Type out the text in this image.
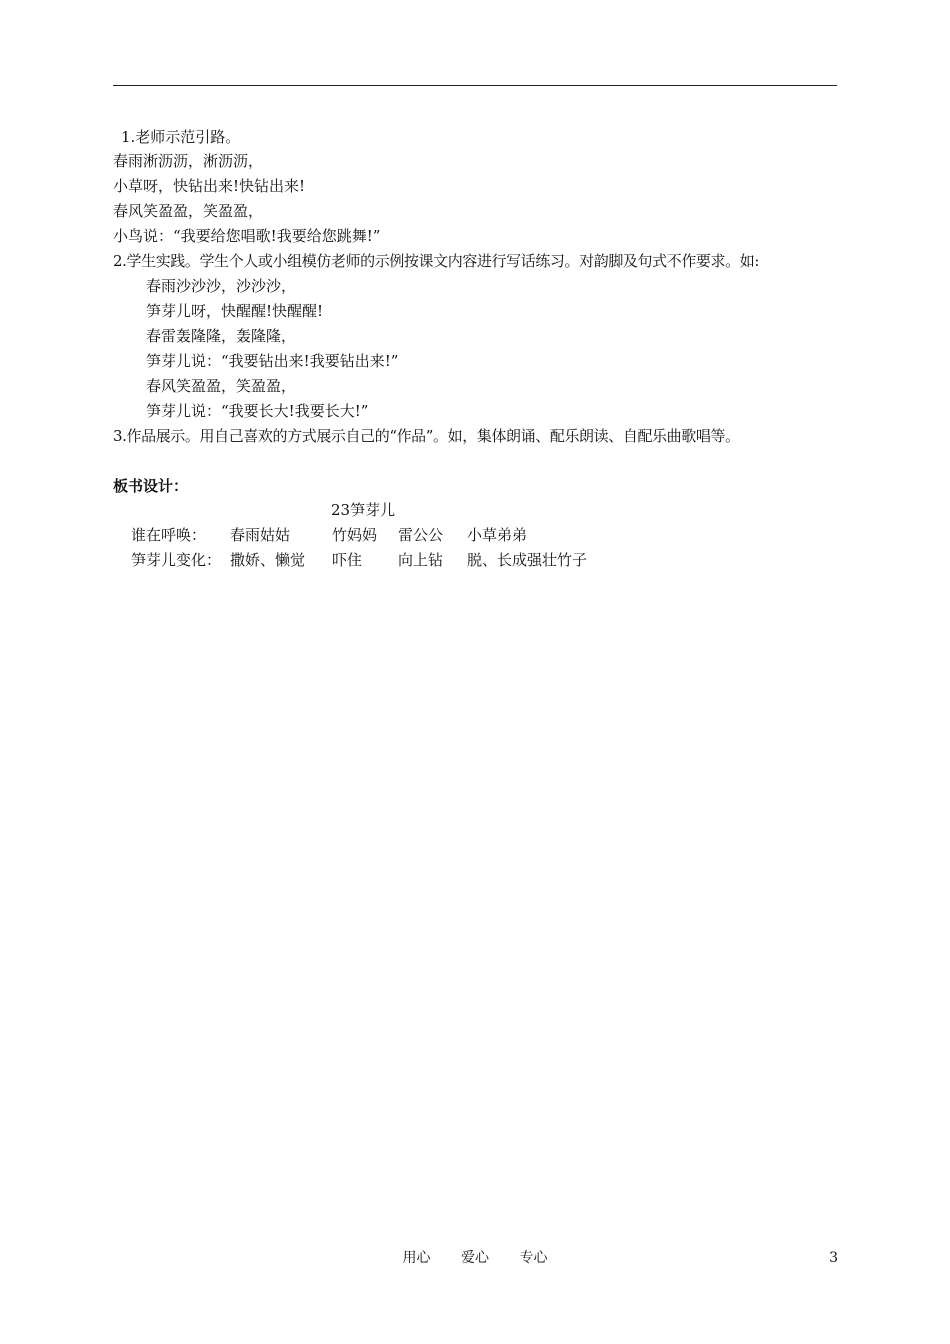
1.老师示范引路。
春雨淅沥沥，淅沥沥，
小草呀，快钻出来!快钻出来!
春风笑盈盈，笑盈盈，
小鸟说：“我要给您唱歌!我要给您跳舞!”
2.学生实践。学生个人或小组模仿老师的示例按课文内容进行写话练习。对韵脚及句式不作要求。如:
春雨沙沙沙，沙沙沙，
笋芽儿呀，快醒醒!快醒醒!
春雷轰隆隆，轰隆隆，
笋芽儿说：“我要钻出来!我要钻出来!”
春风笑盈盈，笑盈盈，
笋芽儿说：“我要长大!我要长大!”
3.作品展示。用自己喜欢的方式展示自己的“作品”。如，集体朗诵、配乐朗读、自配乐曲歌唱等。
板书设计：
23笋芽儿
谁在呼唤： 春雨姑姑	竹妈妈 雷公公 小草弟弟
笋芽儿变化： 撒娇、懒觉 吓住 向上钻 脱、长成强壮竹子
用心 爱心 专心	3
